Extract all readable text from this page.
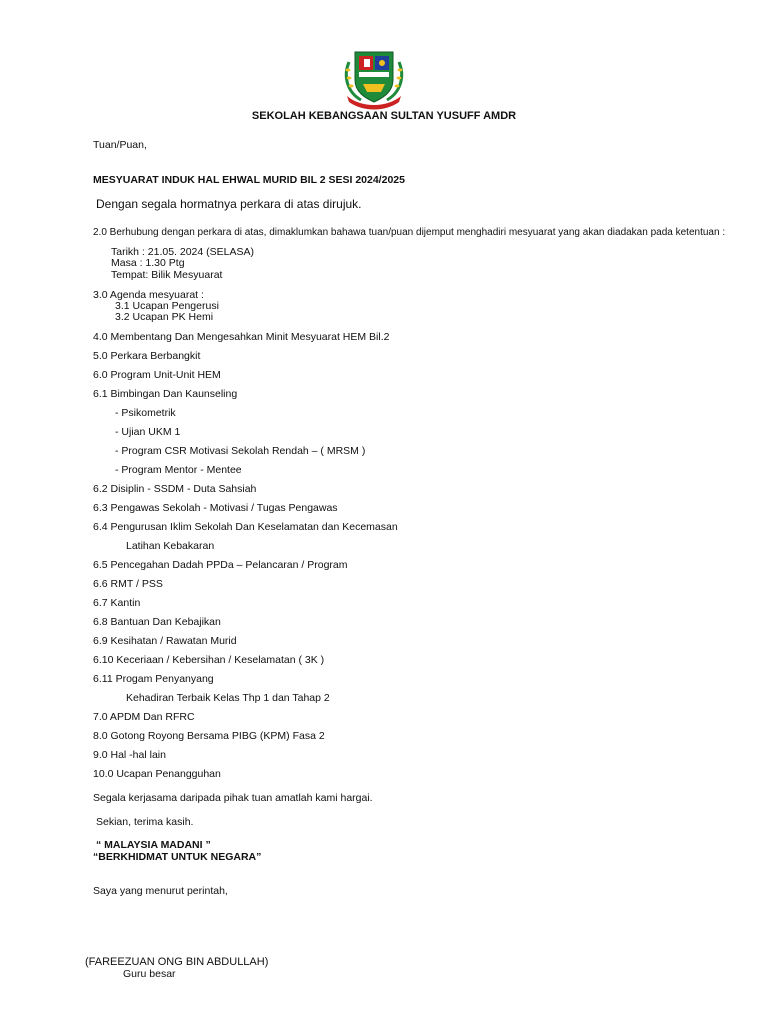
SEKOLAH KEBANGSAAN SULTAN YUSUFF AMDR
Tuan/Puan,
MESYUARAT INDUK HAL EHWAL MURID BIL 2 SESI 2024/2025
Dengan segala hormatnya perkara di atas dirujuk.
2.0 Berhubung dengan perkara di atas, dimaklumkan bahawa tuan/puan dijemput menghadiri mesyuarat yang akan diadakan pada ketentuan :
Tarikh : 21.05. 2024 (SELASA)
Masa : 1.30 Ptg
Tempat: Bilik Mesyuarat
3.0 Agenda mesyuarat :
3.1 Ucapan Pengerusi
3.2 Ucapan PK Hemi
4.0 Membentang Dan Mengesahkan Minit Mesyuarat HEM Bil.2
5.0 Perkara Berbangkit
6.0 Program Unit-Unit HEM
6.1 Bimbingan Dan Kaunseling
- Psikometrik
- Ujian UKM 1
- Program CSR Motivasi Sekolah Rendah – ( MRSM )
- Program Mentor - Mentee
6.2 Disiplin - SSDM - Duta Sahsiah
6.3 Pengawas Sekolah - Motivasi / Tugas Pengawas
6.4 Pengurusan Iklim Sekolah Dan Keselamatan dan Kecemasan
Latihan Kebakaran
6.5 Pencegahan Dadah PPDa – Pelancaran / Program
6.6 RMT / PSS
6.7 Kantin
6.8 Bantuan Dan Kebajikan
6.9 Kesihatan / Rawatan Murid
6.10 Keceriaan / Kebersihan / Keselamatan ( 3K )
6.11 Progam Penyanyang
Kehadiran Terbaik Kelas Thp 1 dan Tahap 2
7.0 APDM Dan RFRC
8.0 Gotong Royong Bersama PIBG (KPM) Fasa 2
9.0 Hal -hal lain
10.0 Ucapan Penangguhan
Segala kerjasama daripada pihak tuan amatlah kami hargai.
Sekian, terima kasih.
“ MALAYSIA MADANI ”
“BERKHIDMAT UNTUK NEGARA”
Saya yang menurut perintah,
(FAREEZUAN ONG BIN ABDULLAH)
Guru besar
